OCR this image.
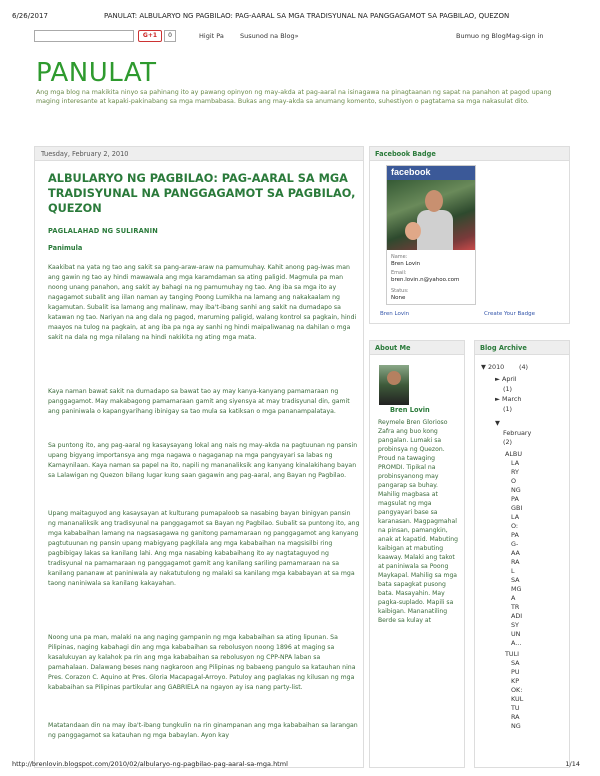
6/26/2017	PANULAT: ALBULARYO NG PAGBILAO: PAG-AARAL SA MGA TRADISYUNAL NA PANGGAGAMOT SA PAGBILAO, QUEZON
G+1	0	Higit Pa Susunod na Blog»	Bumuo ng Blog Mag-sign in
PANULAT
Ang mga blog na makikita ninyo sa pahinang ito ay pawang opinyon ng may-akda at pag-aaral na isinagawa na pinagtaanan ng sapat na panahon at pagod upang maging interesante at kapaki-pakinabang sa mga mambabasa. Bukas ang may-akda sa anumang komento, suhestiyon o pagtatama sa mga nakasulat dito.
Tuesday, February 2, 2010
ALBULARYO NG PAGBILAO: PAG-AARAL SA MGA TRADISYUNAL NA PANGGAGAMOT SA PAGBILAO, QUEZON
PAGLALAHAD NG SULIRANIN
Panimula
Kaakibat na yata ng tao ang sakit sa pang-araw-araw na pamumuhay. Kahit anong pag-iwas man ang gawin ng tao ay hindi mawawala ang mga karamdaman sa ating paligid. Magmula pa man noong unang panahon, ang sakit ay bahagi na ng pamumuhay ng tao. Ang iba sa mga ito ay nagagamot subalit ang iilan naman ay tanging Poong Lumikha na lamang ang nakakaalam ng kagamutan. Subalit isa lamang ang malinaw, may iba't-ibang sanhi ang sakit na dumadapo sa katawan ng tao. Nariyan na ang dala ng pagod, maruming paligid, walang kontrol sa pagkain, hindi maayos na tulog na pagkain, at ang iba pa nga ay sanhi ng hindi maipaliwanag na dahilan o mga sakit na dala ng mga nilalang na hindi nakikita ng ating mga mata.
Kaya naman bawat sakit na dumadapo sa bawat tao ay may kanya-kanyang pamamaraan ng panggagamot. May makabagong pamamaraan gamit ang siyensya at may tradisyunal din, gamit ang paniniwala o kapangyarihang ibinigay sa tao mula sa katiksan o mga pananampalataya.
Sa puntong ito, ang pag-aaral ng kasaysayang lokal ang nais ng may-akda na pagtuunan ng pansin upang bigyang importansya ang mga nagawa o nagaganap na mga pangyayari sa labas ng Kamaynilaan. Kaya naman sa papel na ito, napili ng mananaliksik ang kanyang kinalakihang bayan sa Lalawigan ng Quezon bilang lugar kung saan gagawin ang pag-aaral, ang Bayan ng Pagbilao.
Upang maitaguyod ang kasaysayan at kulturang pumapaloob sa nasabing bayan binigyan pansin ng mananaliksik ang tradisyunal na panggagamot sa Bayan ng Pagbilao. Subalit sa puntong ito, ang mga kababaihan lamang na nagsasagawa ng ganitong pamamaraan ng panggagamot ang kanyang pagtutuunan ng pansin upang mabigyang pagkilala ang mga kababaihan na magsisilbi ring pagbibigay lakas sa kanilang lahi. Ang mga nasabing kababaihang ito ay nagtataguyod ng tradisyunal na pamamaraan ng panggagamot gamit ang kanilang sariling pamamaraan na sa kanilang pananaw at paniniwala ay nakatutulong ng malaki sa kanilang mga kababayan at sa mga taong naniniwala sa kanilang kakayahan.
Noong una pa man, malaki na ang naging gampanin ng mga kababaihan sa ating lipunan. Sa Pilipinas, naging kabahagi din ang mga kababaihan sa rebolusyon noong 1896 at maging sa kasalukuyan ay kalahok pa rin ang mga kababaihan sa rebolusyon ng CPP-NPA laban sa pamahalaan. Dalawang beses nang nagkaroon ang Pilipinas ng babaeng pangulo sa katauhan nina Pres. Corazon C. Aquino at Pres. Gloria Macapagal-Arroyo. Patuloy ang paglakas ng kilusan ng mga kababaihan sa Pilipinas partikular ang GABRIELA na ngayon ay isa nang party-list.
Matatandaan din na may iba't-ibang tungkulin na rin ginampanan ang mga kababaihan sa larangan ng panggagamot sa katauhan ng mga babaylan. Ayon kay
Facebook Badge
facebook
Name:
Bren Lovin
Email:
bren.lovin.n@yahoo.com
Status:
None
Bren Lovin	Create Your Badge
About Me
Bren Lovin
Reymele Bren Glorioso Zafra ang buo kong pangalan. Lumaki sa probinsya ng Quezon. Proud na tawaging PROMDI. Tipikal na probinsyanong may pangarap sa buhay. Mahilig magbasa at magsulat ng mga pangyayari base sa karanasan. Magpagmahal na pinsan, pamangkin, anak at kapatid. Mabuting kaibigan at mabuting kaaway. Malaki ang takot at paniniwala sa Poong Maykapal. Mahilig sa mga bata sapagkat pusong bata. Masayahin. May pagka-suplado. Mapili sa kaibigan. Mananatiling Berde sa kulay at
Blog Archive
▼ 2010 (4)
► April
(1)
► March
(1)
▼
February
(2)
ALBU
LA
RY
O
NG
PA
GBI
LA
O:
PA
G-
AA
RA
L
SA
MG
A
TR
ADI
SY
UN
A...
TULI
SA
PU
KP
OK:
KUL
TU
RA
NG
http://brenlovin.blogspot.com/2010/02/albularyo-ng-pagbilao-pag-aaral-sa-mga.html	1/14
